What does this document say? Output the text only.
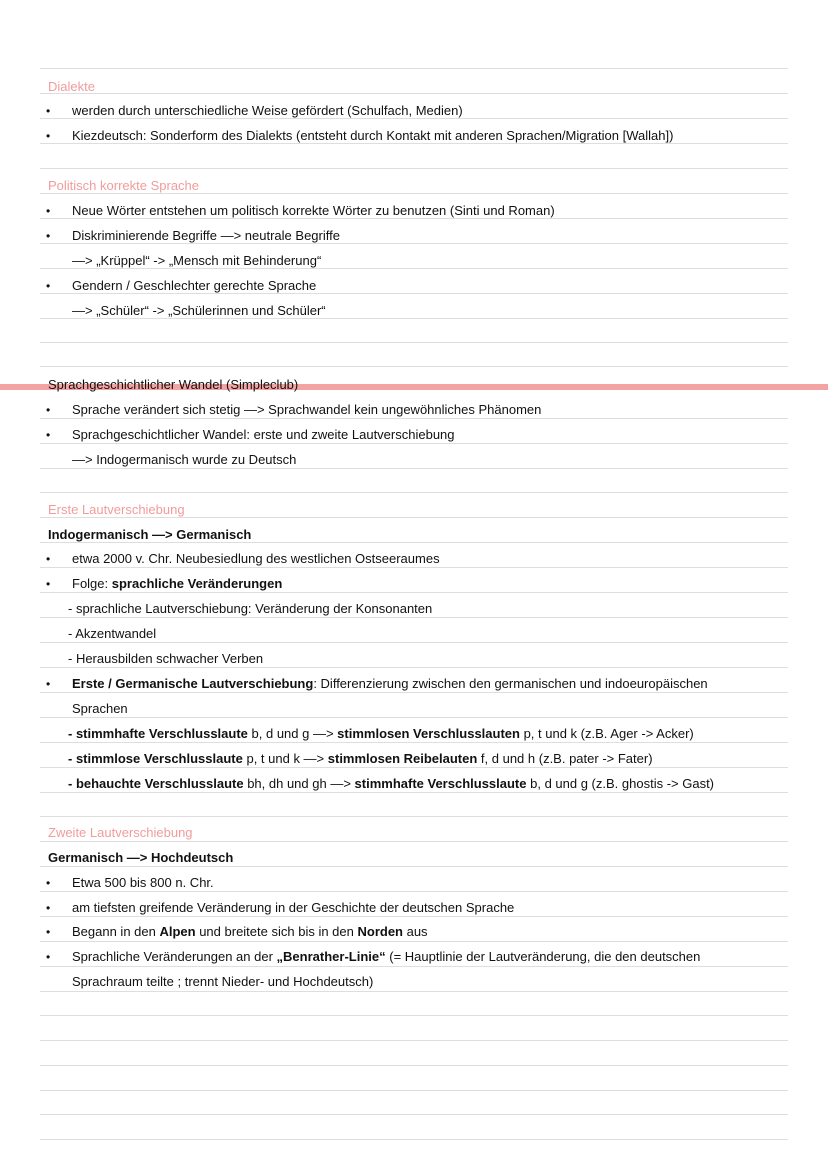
Dialekte
• werden durch unterschiedliche Weise gefördert (Schulfach, Medien)
• Kiezdeutsch: Sonderform des Dialekts (entsteht durch Kontakt mit anderen Sprachen/Migration [Wallah])
Politisch korrekte Sprache
• Neue Wörter entstehen um politisch korrekte Wörter zu benutzen (Sinti und Roman)
• Diskriminierende Begriffe —> neutrale Begriffe
—> „Krüppel“ -> „Mensch mit Behinderung“
• Gendern / Geschlechter gerechte Sprache
—> „Schüler“ -> „Schülerinnen und Schüler“
Sprachgeschichtlicher Wandel (Simpleclub)
• Sprache verändert sich stetig —> Sprachwandel kein ungewöhnliches Phänomen
• Sprachgeschichtlicher Wandel: erste und zweite Lautverschiebung
—> Indogermanisch wurde zu Deutsch
Erste Lautverschiebung
Indogermanisch —> Germanisch
• etwa 2000 v. Chr. Neubesiedlung des westlichen Ostseeraumes
• Folge: sprachliche Veränderungen
- sprachliche Lautverschiebung: Veränderung der Konsonanten
- Akzentwandel
- Herausbilden schwacher Verben
• Erste / Germanische Lautverschiebung: Differenzierung zwischen den germanischen und indoeuropäischen
Sprachen
- stimmhafte Verschlusslaute b, d und g —> stimmlosen Verschlusslauten p, t und k (z.B. Ager -> Acker)
- stimmlose Verschlusslaute p, t und k —> stimmlosen Reibelauten f, d und h (z.B. pater -> Fater)
- behauchte Verschlusslaute bh, dh und gh —> stimmhafte Verschlusslaute b, d und g (z.B. ghostis -> Gast)
Zweite Lautverschiebung
Germanisch —> Hochdeutsch
• Etwa 500 bis 800 n. Chr.
• am tiefsten greifende Veränderung in der Geschichte der deutschen Sprache
• Begann in den Alpen und breitete sich bis in den Norden aus
• Sprachliche Veränderungen an der „Benrather-Linie“ (= Hauptlinie der Lautveränderung, die den deutschen
Sprachraum teilte ; trennt Nieder- und Hochdeutsch)
